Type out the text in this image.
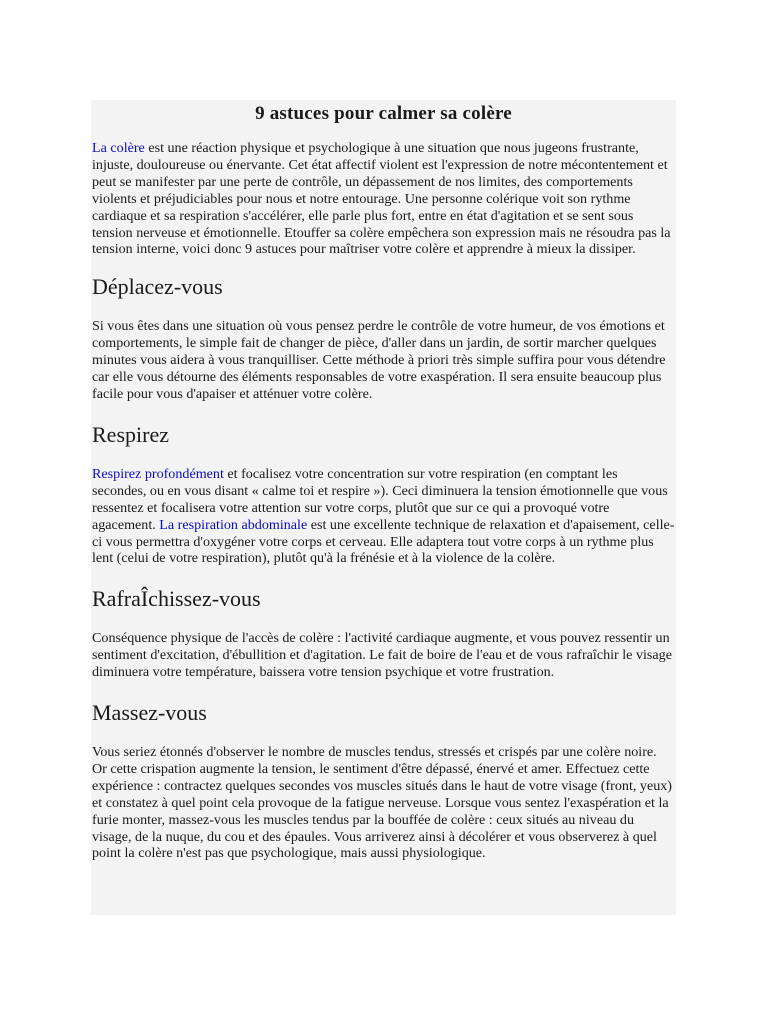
9 astuces pour calmer sa colère

La colère est une réaction physique et psychologique à une situation que nous jugeons frustrante, injuste, douloureuse ou énervante. Cet état affectif violent est l'expression de notre mécontentement et peut se manifester par une perte de contrôle, un dépassement de nos limites, des comportements violents et préjudiciables pour nous et notre entourage. Une personne colérique voit son rythme cardiaque et sa respiration s'accélérer, elle parle plus fort, entre en état d'agitation et se sent sous tension nerveuse et émotionnelle. Etouffer sa colère empêchera son expression mais ne résoudra pas la tension interne, voici donc 9 astuces pour maîtriser votre colère et apprendre à mieux la dissiper.

Déplacez-vous

Si vous êtes dans une situation où vous pensez perdre le contrôle de votre humeur, de vos émotions et comportements, le simple fait de changer de pièce, d'aller dans un jardin, de sortir marcher quelques minutes vous aidera à vous tranquilliser. Cette méthode à priori très simple suffira pour vous détendre car elle vous détourne des éléments responsables de votre exaspération. Il sera ensuite beaucoup plus facile pour vous d'apaiser et atténuer votre colère.

Respirez

Respirez profondément et focalisez votre concentration sur votre respiration (en comptant les secondes, ou en vous disant « calme toi et respire »). Ceci diminuera la tension émotionnelle que vous ressentez et focalisera votre attention sur votre corps, plutôt que sur ce qui a provoqué votre agacement. La respiration abdominale est une excellente technique de relaxation et d'apaisement, celle-ci vous permettra d'oxygéner votre corps et cerveau. Elle adaptera tout votre corps à un rythme plus lent (celui de votre respiration), plutôt qu'à la frénésie et à la violence de la colère.

RafraÎchissez-vous

Conséquence physique de l'accès de colère : l'activité cardiaque augmente, et vous pouvez ressentir un sentiment d'excitation, d'ébullition et d'agitation. Le fait de boire de l'eau et de vous rafraîchir le visage diminuera votre température, baissera votre tension psychique et votre frustration.

Massez-vous

Vous seriez étonnés d'observer le nombre de muscles tendus, stressés et crispés par une colère noire. Or cette crispation augmente la tension, le sentiment d'être dépassé, énervé et amer. Effectuez cette expérience : contractez quelques secondes vos muscles situés dans le haut de votre visage (front, yeux) et constatez à quel point cela provoque de la fatigue nerveuse. Lorsque vous sentez l'exaspération et la furie monter, massez-vous les muscles tendus par la bouffée de colère : ceux situés au niveau du visage, de la nuque, du cou et des épaules. Vous arriverez ainsi à décolérer et vous observerez à quel point la colère n'est pas que psychologique, mais aussi physiologique.
